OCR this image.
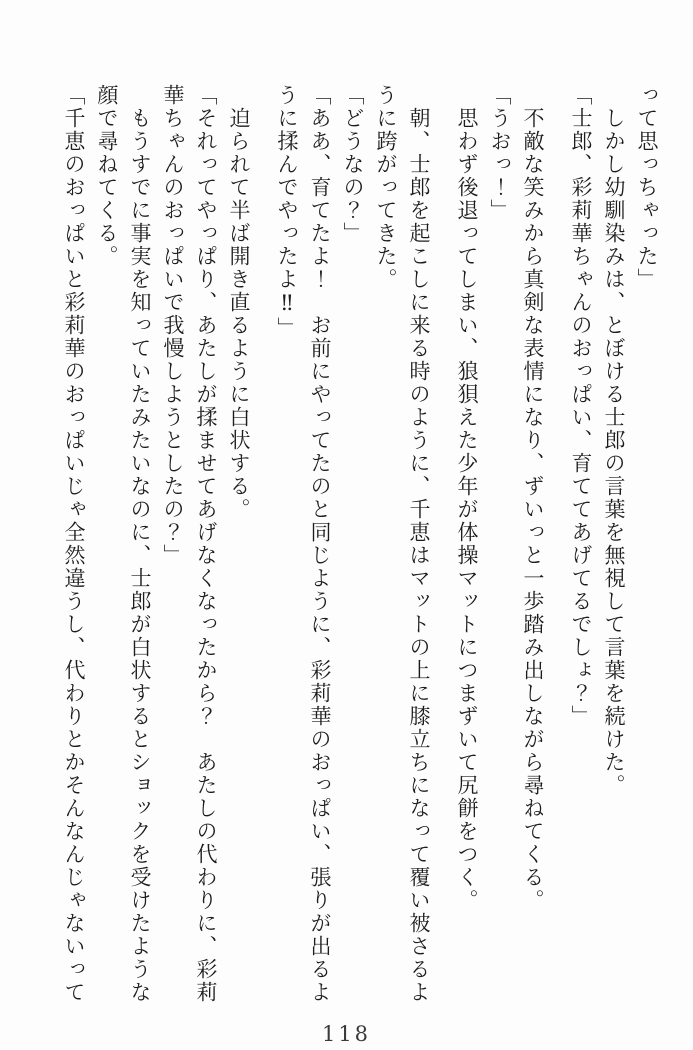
って思っちゃった」

しかし幼馴染みは、とぼける士郎の言葉を無視して言葉を続けた。

「士郎、彩莉華ちゃんのおっぱい、育ててあげてるでしょ？」

不敵な笑みから真剣な表情になり、ずいっと一歩踏み出しながら尋ねてくる。

「うおっ！」

思わず後退ってしまい、狼狽えた少年が体操マットにつまずいて尻餅をつく。

朝、士郎を起こしに来る時のように、千恵はマットの上に膝立ちになって覆い被さるよ

うに跨がってきた。

「どうなの？」

「ああ、育てたよ！　お前にやってたのと同じように、彩莉華のおっぱい、張りが出るよ

うに揉んでやったよ‼」

迫られて半ば開き直るように白状する。

「それってやっぱり、あたしが揉ませてあげなくなったから？　あたしの代わりに、彩莉

華ちゃんのおっぱいで我慢しようとしたの？」

もうすでに事実を知っていたみたいなのに、士郎が白状するとショックを受けたような

顔で尋ねてくる。

「千恵のおっぱいと彩莉華のおっぱいじゃ全然違うし、代わりとかそんなんじゃないって

118
